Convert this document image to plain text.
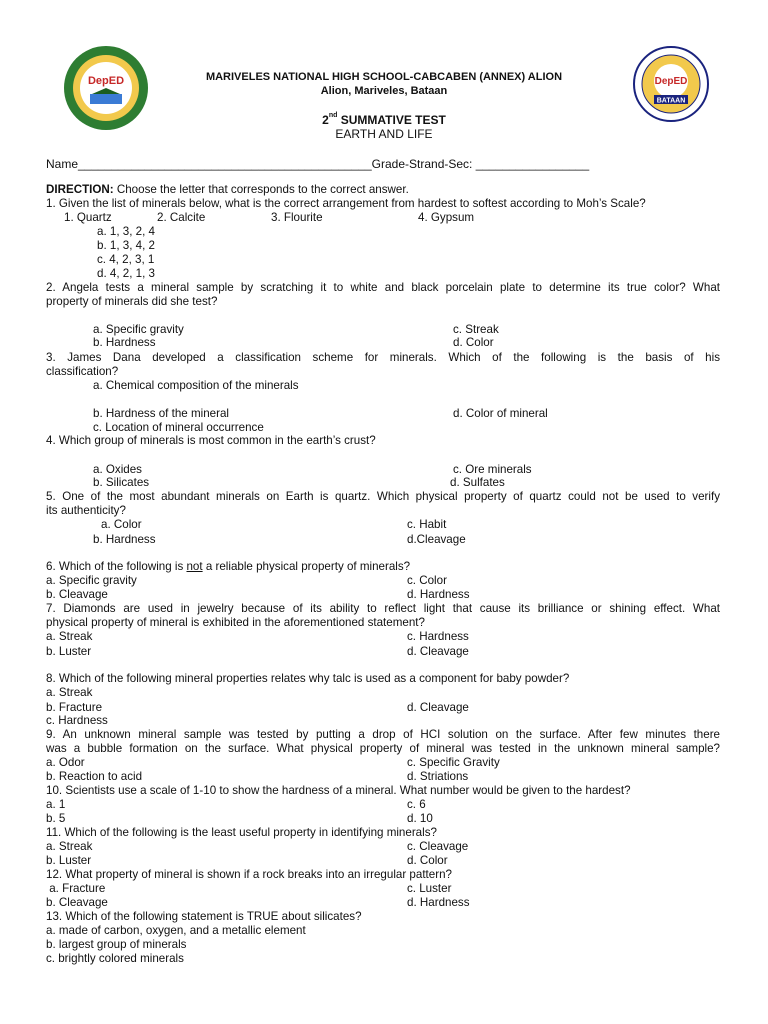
DepED	DepED
BATAAN
MARIVELES NATIONAL HIGH SCHOOL-CABCABEN (ANNEX) ALION
Alion, Mariveles, Bataan
2nd SUMMATIVE TEST
EARTH AND LIFE
Name____________________________________________Grade-Strand-Sec: _________________
DIRECTION: Choose the letter that corresponds to the correct answer.
1. Given the list of minerals below, what is the correct arrangement from hardest to softest according to Moh’s Scale?
1. Quartz	2. Calcite	3. Flourite	4. Gypsum
a. 1, 3, 2, 4
b. 1, 3, 4, 2
c. 4, 2, 3, 1
d. 4, 2, 1, 3
2. Angela tests a mineral sample by scratching it to white and black porcelain plate to determine its true color? What
property of minerals did she test?
a. Specific gravity	c. Streak
b. Hardness	d. Color
3. James Dana developed a classification scheme for minerals. Which of the following is the basis of his
classification?
a. Chemical composition of the minerals
b. Hardness of the mineral	d. Color of mineral
c. Location of mineral occurrence
4. Which group of minerals is most common in the earth’s crust?
a. Oxides	c. Ore minerals
b. Silicates	d. Sulfates
5. One of the most abundant minerals on Earth is quartz. Which physical property of quartz could not be used to verify
its authenticity?
a. Color	c. Habit
b. Hardness	d.Cleavage
6. Which of the following is not a reliable physical property of minerals?
a. Specific gravity	c. Color
b. Cleavage	d. Hardness
7. Diamonds are used in jewelry because of its ability to reflect light that cause its brilliance or shining effect. What
physical property of mineral is exhibited in the aforementioned statement?
a. Streak	c. Hardness
b. Luster	d. Cleavage
8. Which of the following mineral properties relates why talc is used as a component for baby powder?
a. Streak
b. Fracture	d. Cleavage
c. Hardness
9. An unknown mineral sample was tested by putting a drop of HCI solution on the surface. After few minutes there
was a bubble formation on the surface. What physical property of mineral was tested in the unknown mineral sample?
a. Odor	c. Specific Gravity
b. Reaction to acid	d. Striations
10. Scientists use a scale of 1-10 to show the hardness of a mineral. What number would be given to the hardest?
a. 1	c. 6
b. 5	d. 10
11. Which of the following is the least useful property in identifying minerals?
a. Streak	c. Cleavage
b. Luster	d. Color
12. What property of mineral is shown if a rock breaks into an irregular pattern?
a. Fracture	c. Luster
b. Cleavage	d. Hardness
13. Which of the following statement is TRUE about silicates?
a. made of carbon, oxygen, and a metallic element
b. largest group of minerals
c. brightly colored minerals
